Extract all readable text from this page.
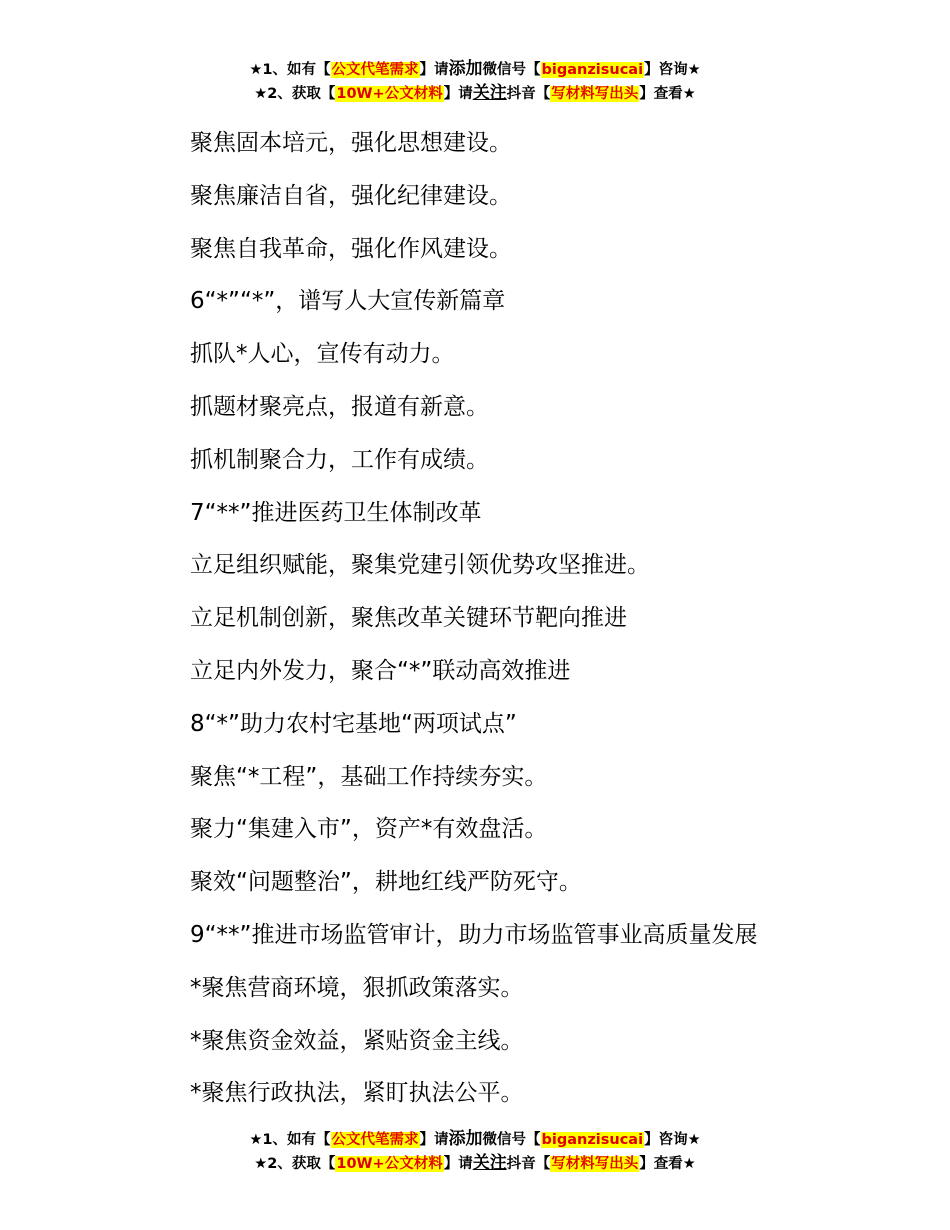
★1、如有【公文代笔需求】请添加微信号【biganzisucai】咨询★
★2、获取【10W+公文材料】请关注抖音【写材料写出头】查看★

聚焦固本培元，强化思想建设。

聚焦廉洁自省，强化纪律建设。

聚焦自我革命，强化作风建设。

6“*”“*”，谱写人大宣传新篇章

抓队*人心，宣传有动力。

抓题材聚亮点，报道有新意。

抓机制聚合力，工作有成绩。

7“**”推进医药卫生体制改革

立足组织赋能，聚集党建引领优势攻坚推进。

立足机制创新，聚焦改革关键环节靶向推进

立足内外发力，聚合“*”联动高效推进

8“*”助力农村宅基地“两项试点”

聚焦“*工程”，基础工作持续夯实。

聚力“集建入市”，资产*有效盘活。

聚效“问题整治”，耕地红线严防死守。

9“**”推进市场监管审计，助力市场监管事业高质量发展

*聚焦营商环境，狠抓政策落实。

*聚焦资金效益，紧贴资金主线。

*聚焦行政执法，紧盯执法公平。

★1、如有【公文代笔需求】请添加微信号【biganzisucai】咨询★
★2、获取【10W+公文材料】请关注抖音【写材料写出头】查看★
